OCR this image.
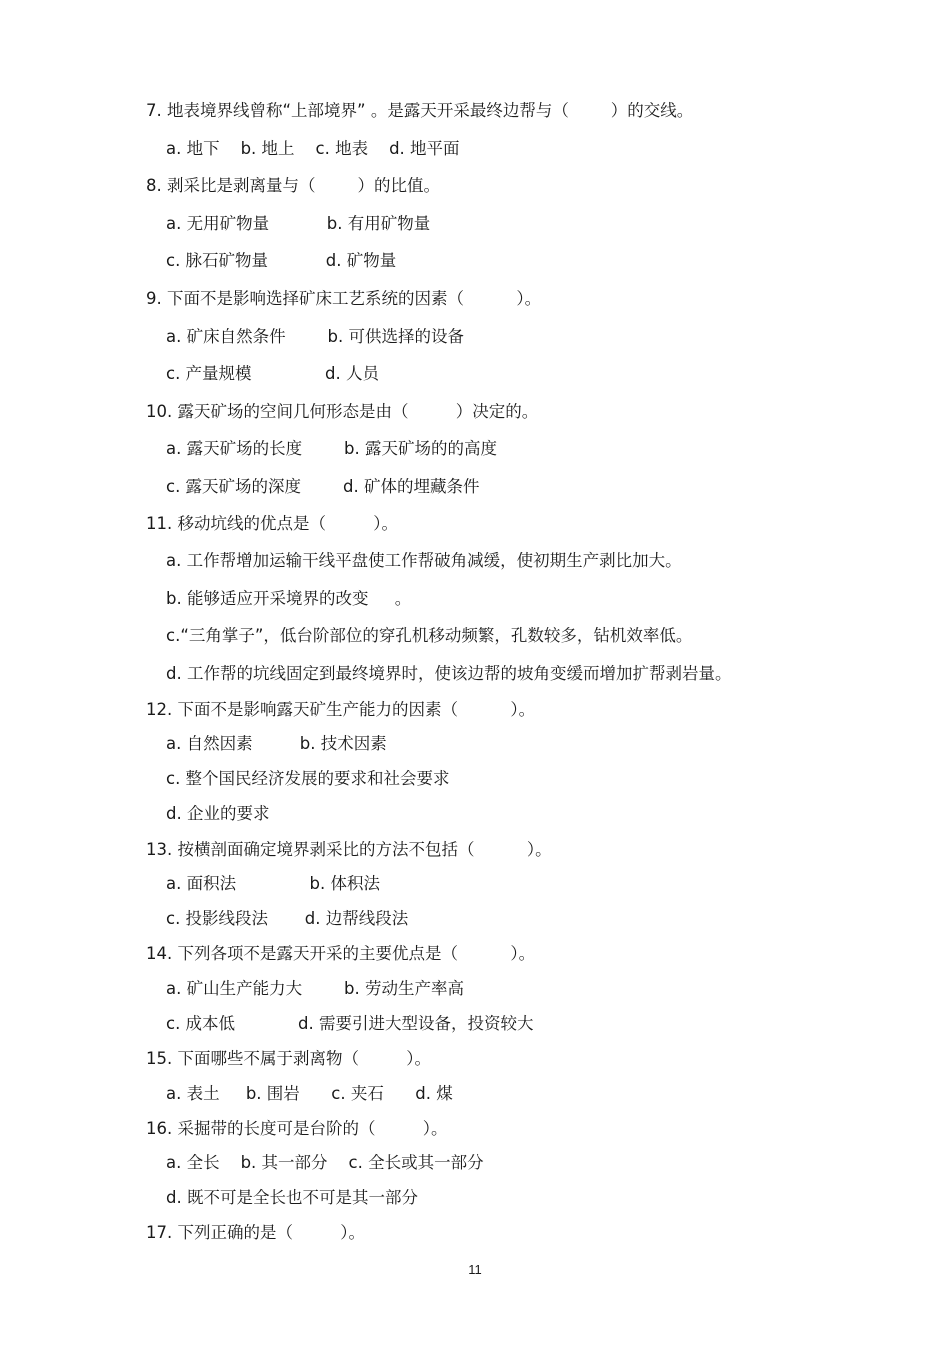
7. 地表境界线曾称“上部境界” 。是露天开采最终边帮与（        ）的交线。
a. 地下    b. 地上    c. 地表    d. 地平面
8. 剥采比是剥离量与（        ）的比值。
a. 无用矿物量           b. 有用矿物量
c. 脉石矿物量           d. 矿物量
9. 下面不是影响选择矿床工艺系统的因素（          ）。
a. 矿床自然条件        b. 可供选择的设备
c. 产量规模              d. 人员
10. 露天矿场的空间几何形态是由（         ）决定的。
a. 露天矿场的长度        b. 露天矿场的的高度
c. 露天矿场的深度        d. 矿体的埋藏条件
11. 移动坑线的优点是（         ）。
a. 工作帮增加运输干线平盘使工作帮破角减缓，使初期生产剥比加大。
b. 能够适应开采境界的改变     。
c.“三角掌子”，低台阶部位的穿孔机移动频繁，孔数较多，钻机效率低。
d. 工作帮的坑线固定到最终境界时，使该边帮的坡角变缓而增加扩帮剥岩量。
12. 下面不是影响露天矿生产能力的因素（          ）。
a. 自然因素         b. 技术因素
c. 整个国民经济发展的要求和社会要求
d. 企业的要求
13. 按横剖面确定境界剥采比的方法不包括（          ）。
a. 面积法              b. 体积法
c. 投影线段法       d. 边帮线段法
14. 下列各项不是露天开采的主要优点是（          ）。
a. 矿山生产能力大        b. 劳动生产率高
c. 成本低            d. 需要引进大型设备，投资较大
15. 下面哪些不属于剥离物（         ）。
a. 表土     b. 围岩      c. 夹石      d. 煤
16. 采掘带的长度可是台阶的（         ）。
a. 全长    b. 其一部分    c. 全长或其一部分
d. 既不可是全长也不可是其一部分
17. 下列正确的是（         ）。
11
